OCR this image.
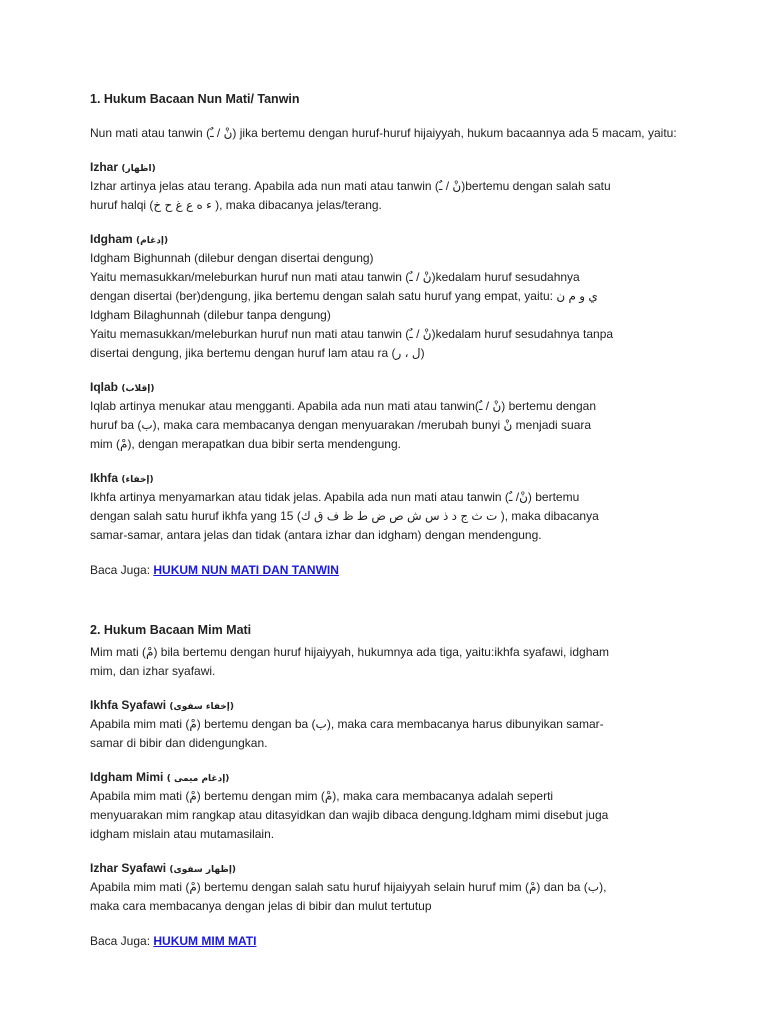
1. Hukum Bacaan Nun Mati/ Tanwin

Nun mati atau tanwin (نْ / ـٌ) jika bertemu dengan huruf-huruf hijaiyyah, hukum bacaannya ada 5 macam, yaitu:

Izhar (اظهار)

Izhar artinya jelas atau terang. Apabila ada nun mati atau tanwin (نْ / ـٌ)bertemu dengan salah satu

huruf halqi (ء ه ع غ ح خ ), maka dibacanya jelas/terang.

Idgham (إدغام)

Idgham Bighunnah (dilebur dengan disertai dengung)

Yaitu memasukkan/meleburkan huruf nun mati atau tanwin (نْ / ـٌ)kedalam huruf sesudahnya

dengan disertai (ber)dengung, jika bertemu dengan salah satu huruf yang empat, yaitu: ي و م ن

Idgham Bilaghunnah (dilebur tanpa dengung)

Yaitu memasukkan/meleburkan huruf nun mati atau tanwin (نْ / ـٌ)kedalam huruf sesudahnya tanpa

disertai dengung, jika bertemu dengan huruf lam atau ra (ل ، ر)

Iqlab (إقلاب)

Iqlab artinya menukar atau mengganti. Apabila ada nun mati atau tanwin(نْ / ـٌ) bertemu dengan

huruf ba (ب), maka cara membacanya dengan menyuarakan /merubah bunyi نْ menjadi suara

mim (مْ), dengan merapatkan dua bibir serta mendengung.

Ikhfa (إخفاء)

Ikhfa artinya menyamarkan atau tidak jelas. Apabila ada nun mati atau tanwin (نْ/ ـٌ) bertemu

dengan salah satu huruf ikhfa yang 15 (ت ث ج د ذ س ش ص ض ط ظ ف ق ك ), maka dibacanya

samar-samar, antara jelas dan tidak (antara izhar dan idgham) dengan mendengung.

Baca Juga: HUKUM NUN MATI DAN TANWIN

2. Hukum Bacaan Mim Mati

Mim mati (مْ) bila bertemu dengan huruf hijaiyyah, hukumnya ada tiga, yaitu:ikhfa syafawi, idgham

mim, dan izhar syafawi.

Ikhfa Syafawi (إخفاء سفوى)

Apabila mim mati (مْ) bertemu dengan ba (ب), maka cara membacanya harus dibunyikan samar-

samar di bibir dan didengungkan.

Idgham Mimi ( إدغام ميمى)

Apabila mim mati (مْ) bertemu dengan mim (مْ), maka cara membacanya adalah seperti

menyuarakan mim rangkap atau ditasyidkan dan wajib dibaca dengung.Idgham mimi disebut juga

idgham mislain atau mutamasilain.

Izhar Syafawi (إظهار سفوى)

Apabila mim mati (مْ) bertemu dengan salah satu huruf hijaiyyah selain huruf mim (مْ) dan ba (ب),

maka cara membacanya dengan jelas di bibir dan mulut tertutup

Baca Juga: HUKUM MIM MATI
